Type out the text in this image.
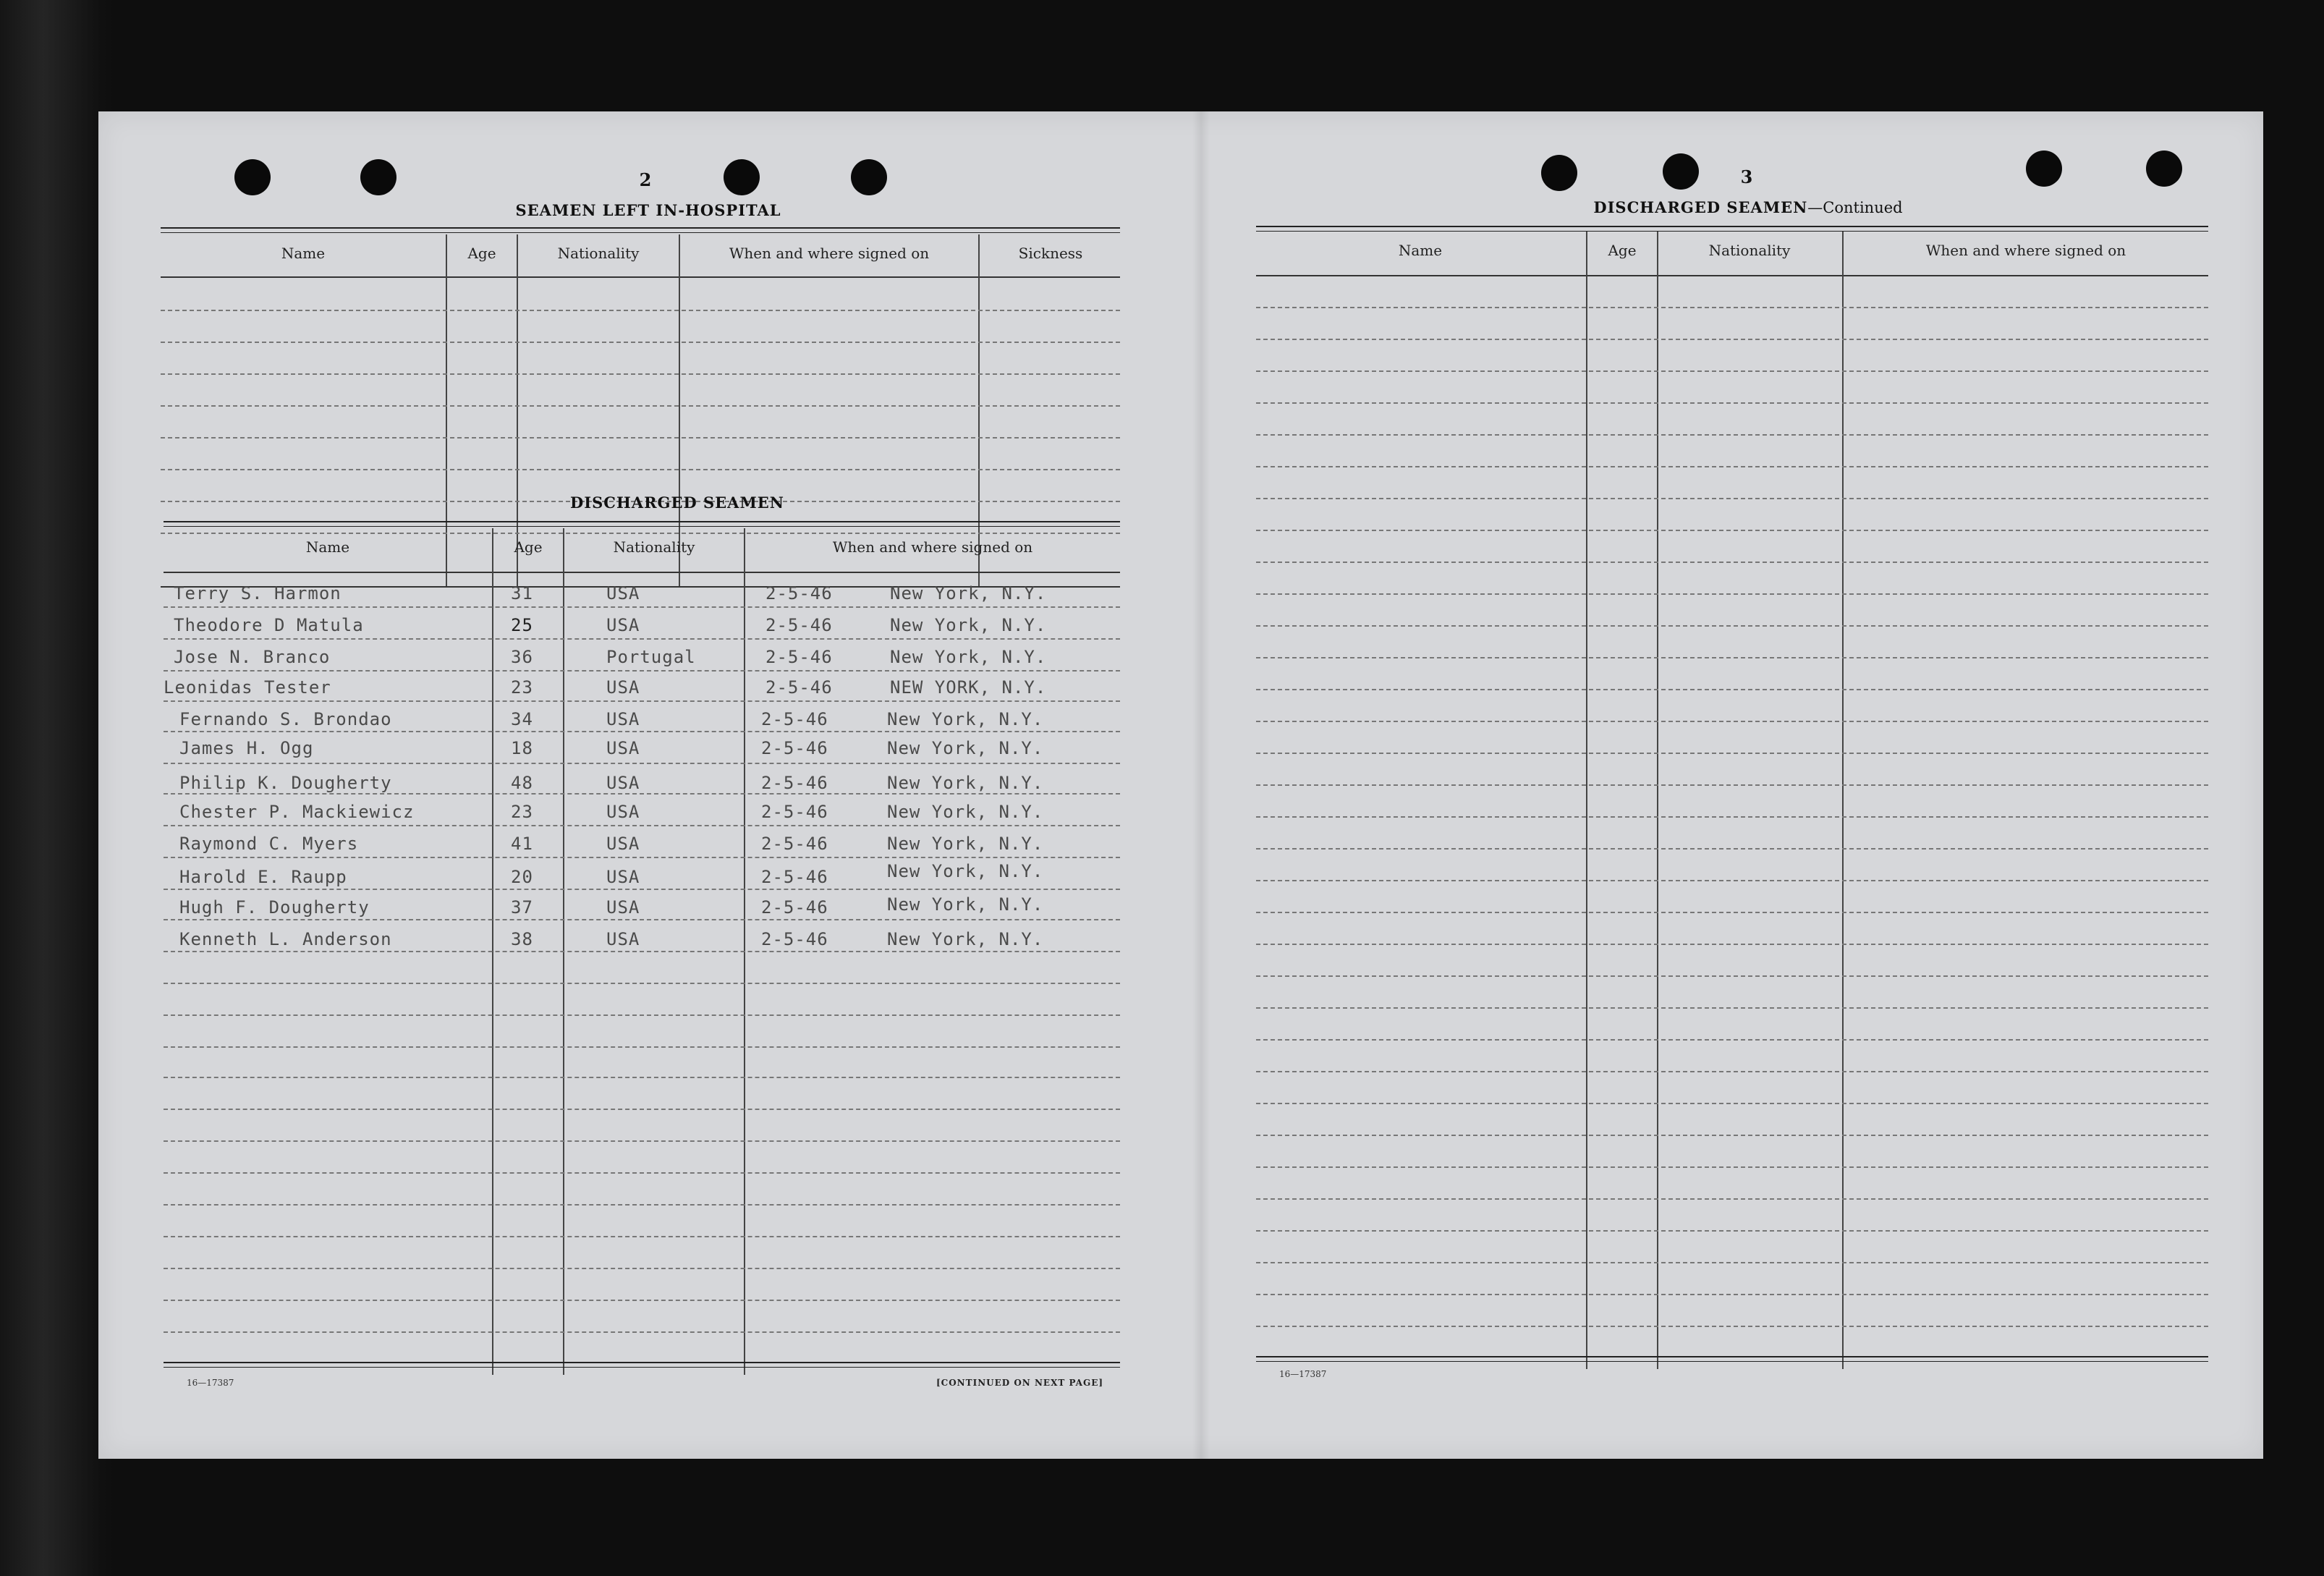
2
SEAMEN LEFT IN-HOSPITAL
Name	Age	Nationality	When and where signed on	Sickness
DISCHARGED SEAMEN
Name	Age	Nationality	When and where signed on
Terry S. Harmon	31	USA	2-5-46	New York, N.Y.
Theodore D Matula	25	USA	2-5-46	New York, N.Y.
Jose N. Branco	36	Portugal	2-5-46	New York, N.Y.
Leonidas Tester	23	USA	2-5-46	NEW YORK, N.Y.
Fernando S. Brondao	34	USA	2-5-46	New York, N.Y.
James H. Ogg	18	USA	2-5-46	New York, N.Y.
Philip K. Dougherty	48	USA	2-5-46	New York, N.Y.
Chester P. Mackiewicz	23	USA	2-5-46	New York, N.Y.
Raymond C. Myers	41	USA	2-5-46	New York, N.Y.
Harold E. Raupp	20	USA	2-5-46	New York, N.Y.
Hugh F. Dougherty	37	USA	2-5-46	New York, N.Y.
Kenneth L. Anderson	38	USA	2-5-46	New York, N.Y.
16—17387	[CONTINUED ON NEXT PAGE]
3
DISCHARGED SEAMEN—Continued
Name	Age	Nationality	When and where signed on
16—17387
